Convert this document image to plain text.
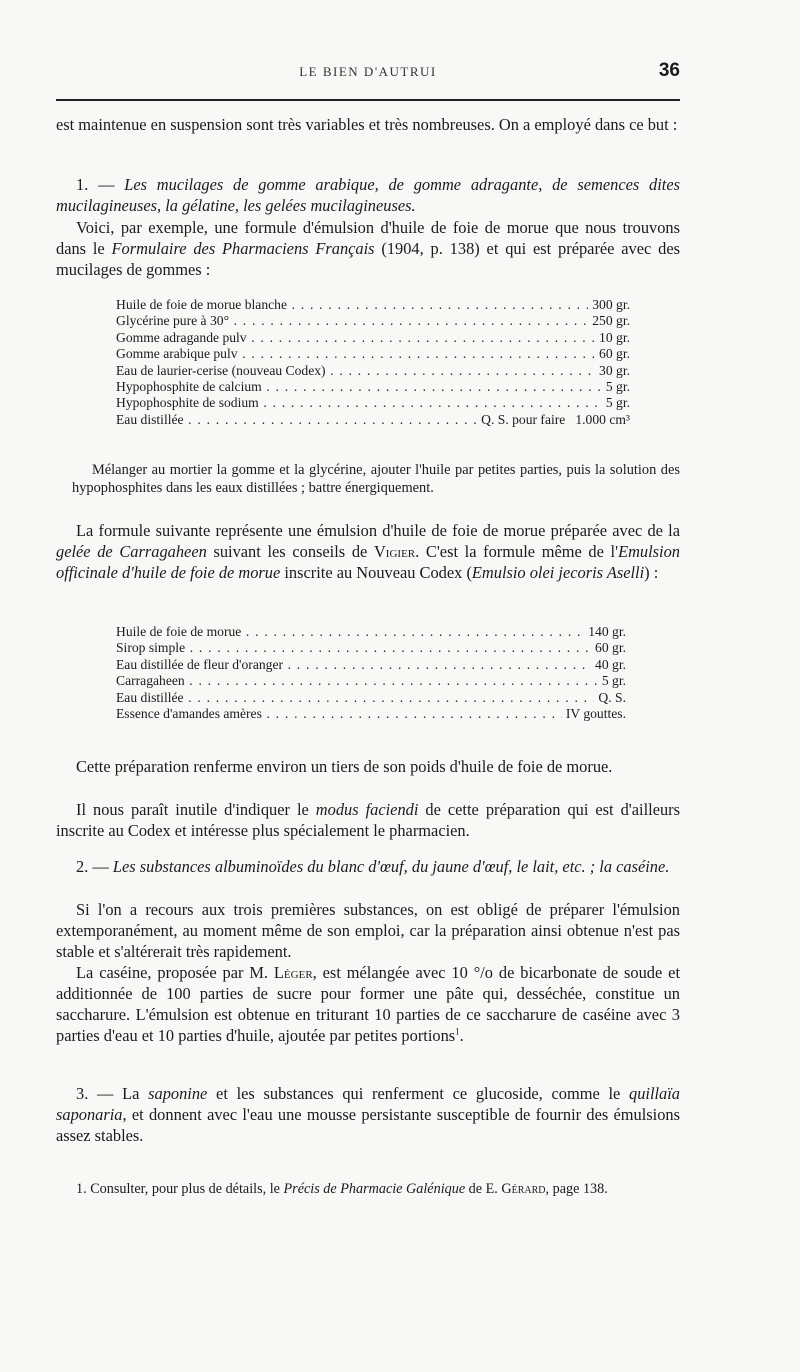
LE BIEN D'AUTRUI	36

est maintenue en suspension sont très variables et très nombreuses. On a employé dans ce but :

1. — Les mucilages de gomme arabique, de gomme adragante, de semences dites mucilagineuses, la gélatine, les gelées mucilagineuses.

Voici, par exemple, une formule d'émulsion d'huile de foie de morue que nous trouvons dans le Formulaire des Pharmaciens Français (1904, p. 138) et qui est préparée avec des mucilages de gommes :

Huile de foie de morue blanche . . .	300 gr.
Glycérine pure à 30° . . .	250 gr.
Gomme adragande pulv . . .	10 gr.
Gomme arabique pulv . . .	60 gr.
Eau de laurier-cerise (nouveau Codex) . . .	30 gr.
Hypophosphite de calcium . . .	5 gr.
Hypophosphite de sodium . . .	5 gr.
Eau distillée . . .	Q. S. pour faire 1.000 cm³

Mélanger au mortier la gomme et la glycérine, ajouter l'huile par petites parties, puis la solution des hypophosphites dans les eaux distillées ; battre énergiquement.

La formule suivante représente une émulsion d'huile de foie de morue préparée avec de la gelée de Carragaheen suivant les conseils de Vigier. C'est la formule même de l'Emulsion officinale d'huile de foie de morue inscrite au Nouveau Codex (Emulsio olei jecoris Aselli) :

Huile de foie de morue . . .	140 gr.
Sirop simple . . .	60 gr.
Eau distillée de fleur d'oranger . . .	40 gr.
Carragaheen . . .	5 gr.
Eau distillée . . .	Q. S.
Essence d'amandes amères . . .	IV gouttes.

Cette préparation renferme environ un tiers de son poids d'huile de foie de morue.

Il nous paraît inutile d'indiquer le modus faciendi de cette préparation qui est d'ailleurs inscrite au Codex et intéresse plus spécialement le pharmacien.

2. — Les substances albuminoïdes du blanc d'œuf, du jaune d'œuf, le lait, etc. ; la caséine.

Si l'on a recours aux trois premières substances, on est obligé de préparer l'émulsion extemporanément, au moment même de son emploi, car la préparation ainsi obtenue n'est pas stable et s'altérerait très rapidement.

La caséine, proposée par M. Léger, est mélangée avec 10 °/o de bicarbonate de soude et additionnée de 100 parties de sucre pour former une pâte qui, desséchée, constitue un saccharure. L'émulsion est obtenue en triturant 10 parties de ce saccharure de caséine avec 3 parties d'eau et 10 parties d'huile, ajoutée par petites portions$^1$.

3. — La saponine et les substances qui renferment ce glucoside, comme le quillaïa saponaria, et donnent avec l'eau une mousse persistante susceptible de fournir des émulsions assez stables.

1. Consulter, pour plus de détails, le Précis de Pharmacie Galénique de E. Gérard, page 138.
